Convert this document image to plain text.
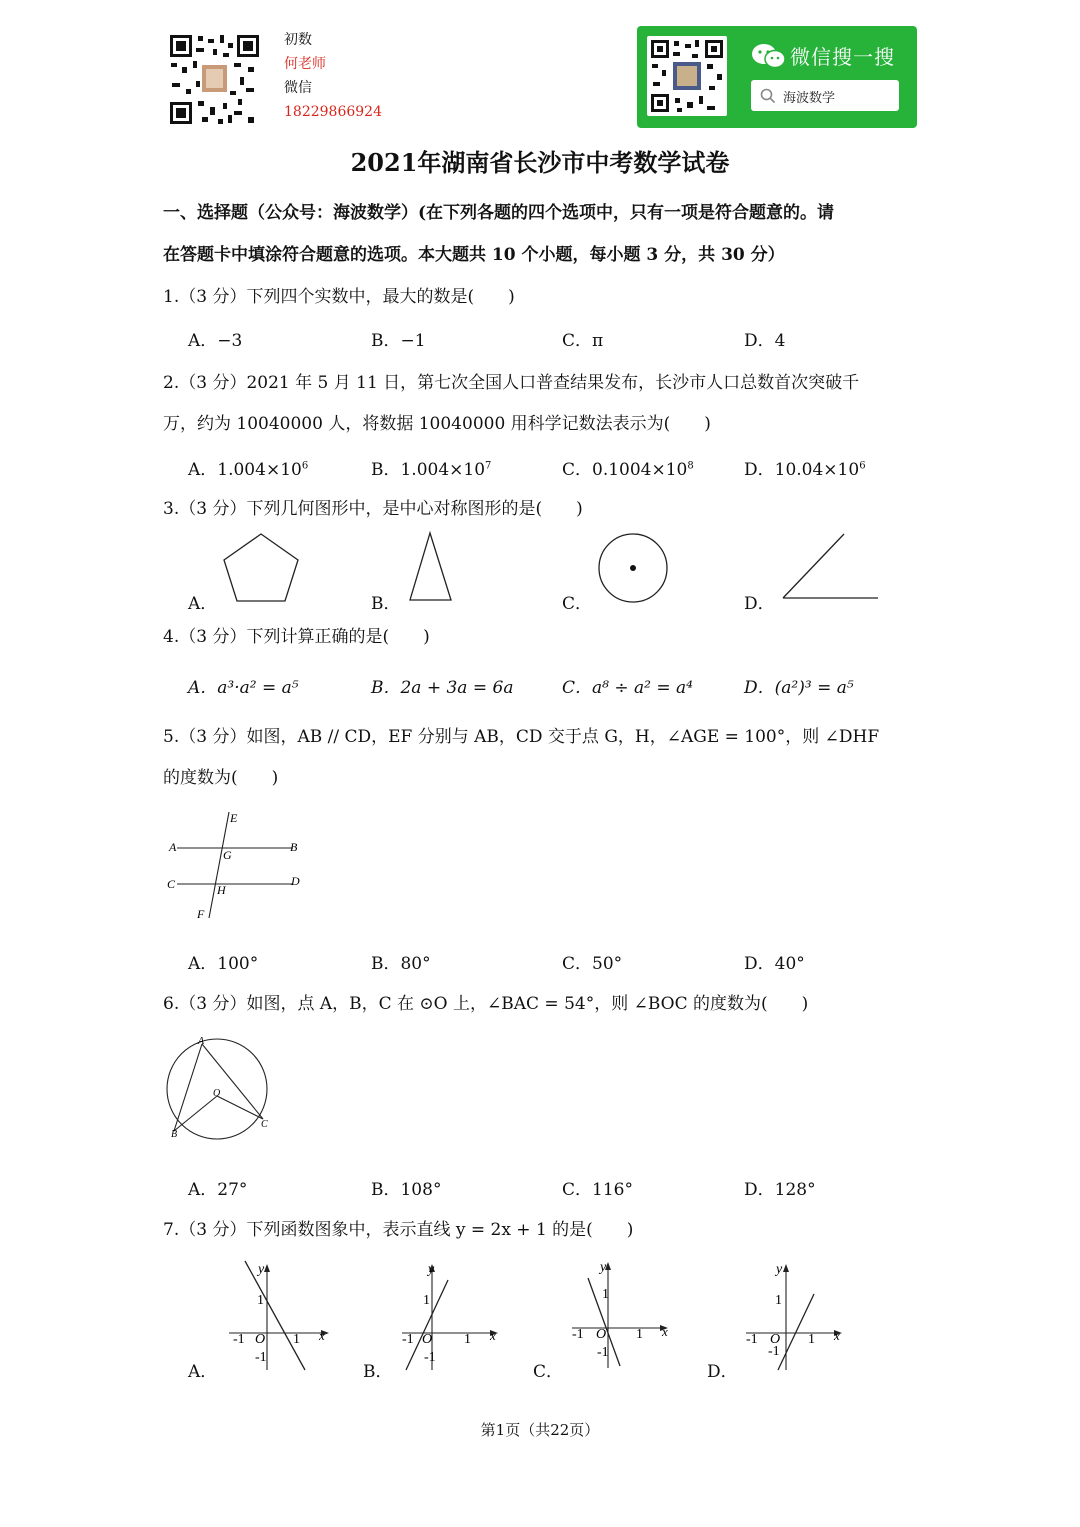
初数
何老师
微信
18229866924
微信搜一搜
海波数学
2021年湖南省长沙市中考数学试卷
一、选择题（公众号：海波数学）(在下列各题的四个选项中，只有一项是符合题意的。请
在答题卡中填涂符合题意的选项。本大题共 10 个小题，每小题 3 分，共 30 分）
1.（3 分）下列四个实数中，最大的数是(　　)
A．−3	B．−1	C．π	D．4
2.（3 分）2021 年 5 月 11 日，第七次全国人口普查结果发布，长沙市人口总数首次突破千
万，约为 10040000 人，将数据 10040000 用科学记数法表示为(　　)
A．$1.004\times 10^6$	B．$1.004\times 10^7$	C．$0.1004\times 10^8$	D．$10.04\times 10^6$
3.（3 分）下列几何图形中，是中心对称图形的是(　　)
A．	B．	C．	D．
4.（3 分）下列计算正确的是(　　)
A．a³·a² = a⁵	B．2a + 3a = 6a	C．a⁸ ÷ a² = a⁴	D．(a²)³ = a⁵
5.（3 分）如图，AB // CD，EF 分别与 AB，CD 交于点 G，H，∠AGE = 100°，则 ∠DHF
的度数为(　　)
E
A	B
G
C	D
H
F
A．100°	B．80°	C．50°	D．40°
6.（3 分）如图，点 A，B，C 在 ⊙O 上，∠BAC = 54°，则 ∠BOC 的度数为(　　)
A
O
B
C
A．27°	B．108°	C．116°	D．128°
7.（3 分）下列函数图象中，表示直线 y = 2x + 1 的是(　　)
A．	B．	C．	D．
y
x
1
-1 O 1
-1
y
x
1
-1 O 1
-1
y
x
1
-1 O 1
-1
y
x
1
-1 O 1
-1
第1页（共22页）
